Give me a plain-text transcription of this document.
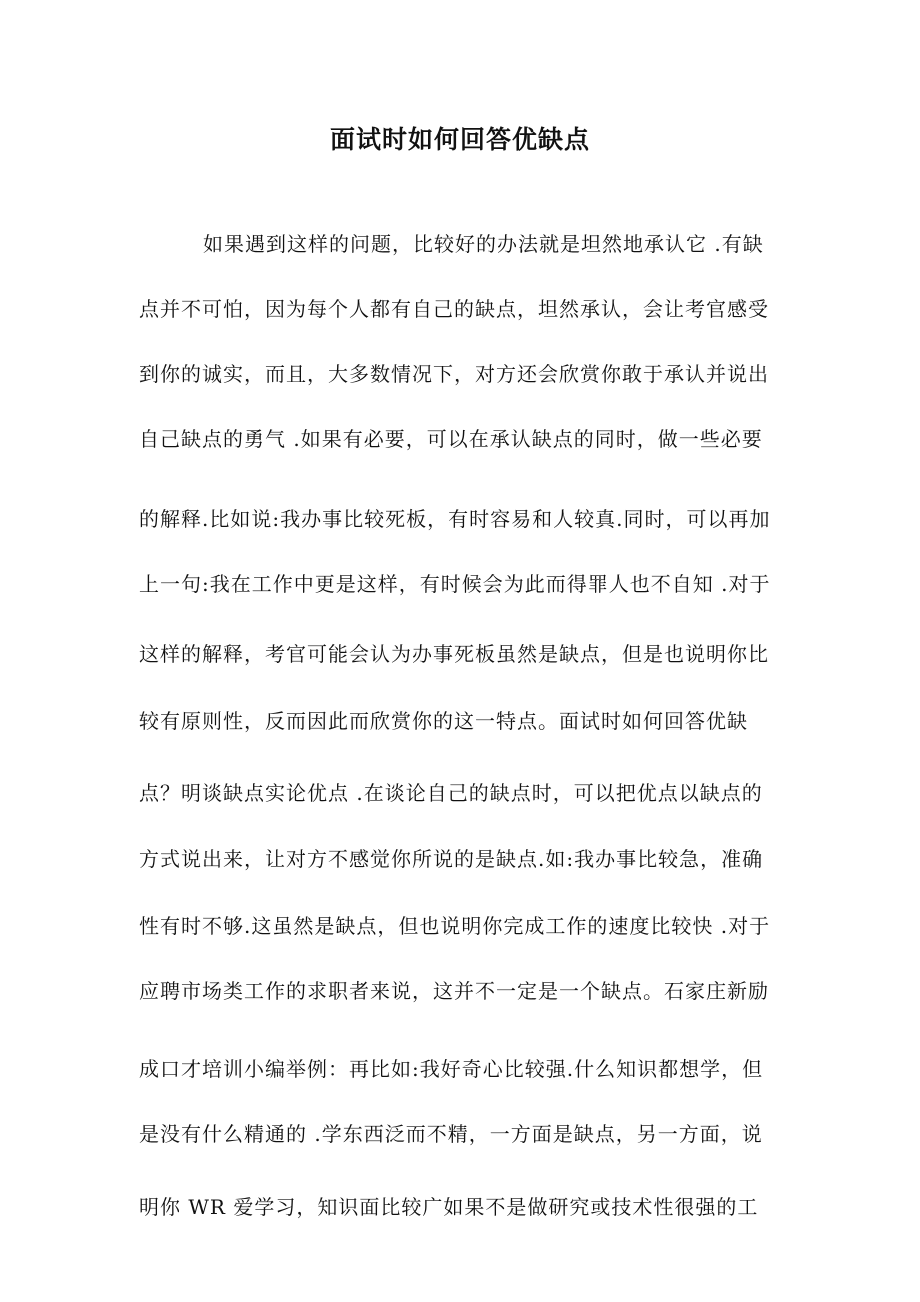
面试时如何回答优缺点
如果遇到这样的问题，比较好的办法就是坦然地承认它 .有缺
点并不可怕，因为每个人都有自己的缺点，坦然承认，会让考官感受
到你的诚实，而且，大多数情况下，对方还会欣赏你敢于承认并说出
自己缺点的勇气 .如果有必要，可以在承认缺点的同时，做一些必要
的解释.比如说:我办事比较死板，有时容易和人较真.同时，可以再加
上一句:我在工作中更是这样，有时候会为此而得罪人也不自知 .对于
这样的解释，考官可能会认为办事死板虽然是缺点，但是也说明你比
较有原则性，反而因此而欣赏你的这一特点。面试时如何回答优缺
点？明谈缺点实论优点 .在谈论自己的缺点时，可以把优点以缺点的
方式说出来，让对方不感觉你所说的是缺点.如:我办事比较急，准确
性有时不够.这虽然是缺点，但也说明你完成工作的速度比较快 .对于
应聘市场类工作的求职者来说，这并不一定是一个缺点。石家庄新励
成口才培训小编举例：再比如:我好奇心比较强.什么知识都想学，但
是没有什么精通的 .学东西泛而不精，一方面是缺点，另一方面，说
明你 WR 爱学习，知识面比较广如果不是做研究或技术性很强的工
